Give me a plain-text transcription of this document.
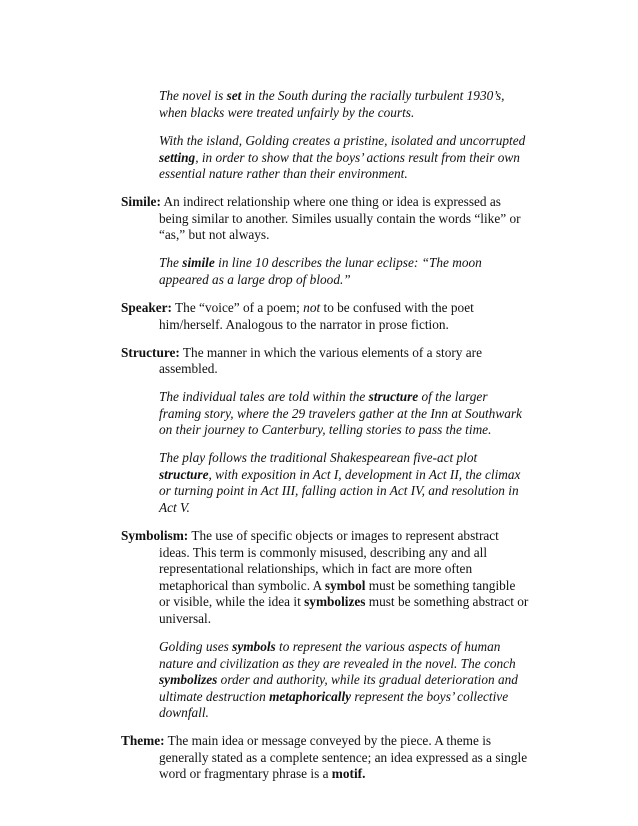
The novel is set in the South during the racially turbulent 1930’s,
when blacks were treated unfairly by the courts.
With the island, Golding creates a pristine, isolated and uncorrupted
setting, in order to show that the boys’ actions result from their own
essential nature rather than their environment.
Simile: An indirect relationship where one thing or idea is expressed as
being similar to another. Similes usually contain the words “like” or
“as,” but not always.
The simile in line 10 describes the lunar eclipse: “The moon
appeared as a large drop of blood.”
Speaker: The “voice” of a poem; not to be confused with the poet
him/herself. Analogous to the narrator in prose fiction.
Structure: The manner in which the various elements of a story are
assembled.
The individual tales are told within the structure of the larger
framing story, where the 29 travelers gather at the Inn at Southwark
on their journey to Canterbury, telling stories to pass the time.
The play follows the traditional Shakespearean five-act plot
structure, with exposition in Act I, development in Act II, the climax
or turning point in Act III, falling action in Act IV, and resolution in
Act V.
Symbolism: The use of specific objects or images to represent abstract
ideas. This term is commonly misused, describing any and all
representational relationships, which in fact are more often
metaphorical than symbolic. A symbol must be something tangible
or visible, while the idea it symbolizes must be something abstract or
universal.
Golding uses symbols to represent the various aspects of human
nature and civilization as they are revealed in the novel. The conch
symbolizes order and authority, while its gradual deterioration and
ultimate destruction metaphorically represent the boys’ collective
downfall.
Theme: The main idea or message conveyed by the piece. A theme is
generally stated as a complete sentence; an idea expressed as a single
word or fragmentary phrase is a motif.
